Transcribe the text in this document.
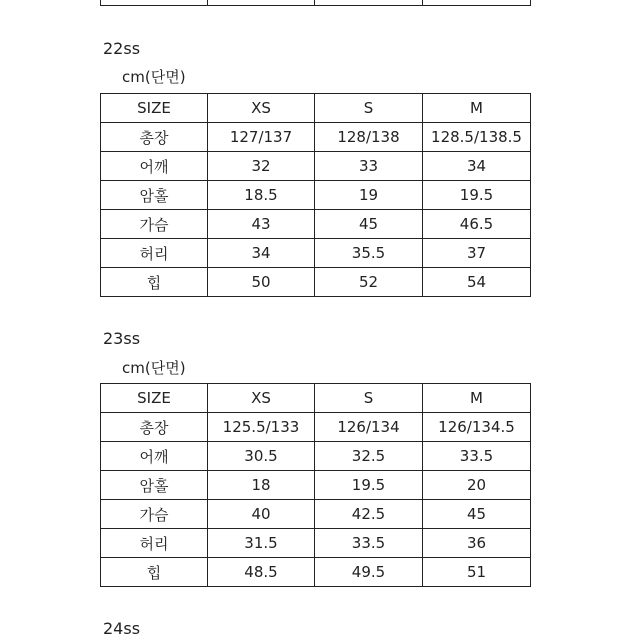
22ss
cm(단면)
SIZE	XS	S	M
총장	127/137	128/138	128.5/138.5
어깨	32	33	34
암홀	18.5	19	19.5
가슴	43	45	46.5
허리	34	35.5	37
힙	50	52	54
23ss
cm(단면)
SIZE	XS	S	M
총장	125.5/133	126/134	126/134.5
어깨	30.5	32.5	33.5
암홀	18	19.5	20
가슴	40	42.5	45
허리	31.5	33.5	36
힙	48.5	49.5	51
24ss
